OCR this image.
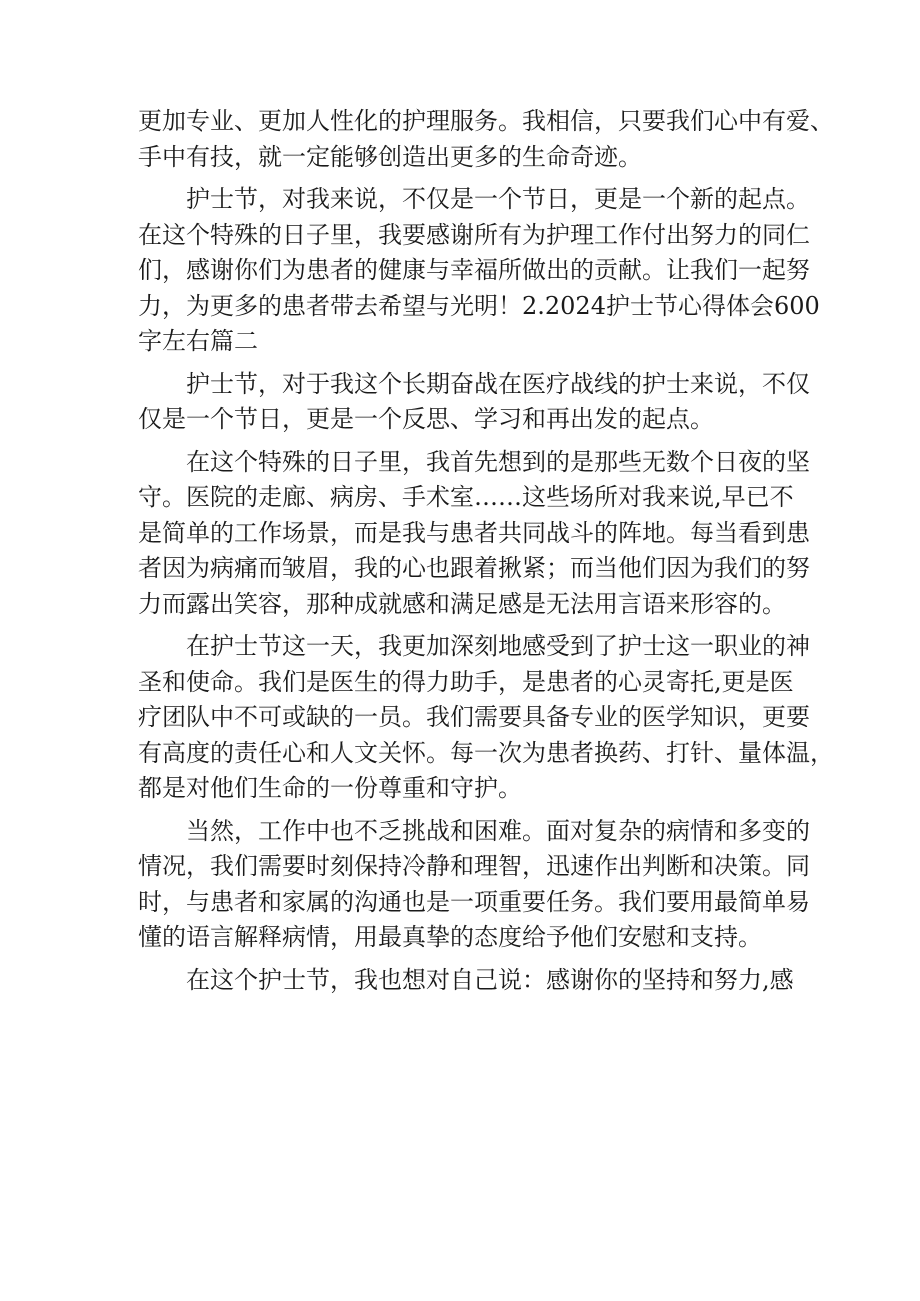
更加专业、更加人性化的护理服务。我相信，只要我们心中有爱、
手中有技，就一定能够创造出更多的生命奇迹。
护士节，对我来说，不仅是一个节日，更是一个新的起点。
在这个特殊的日子里，我要感谢所有为护理工作付出努力的同仁
们，感谢你们为患者的健康与幸福所做出的贡献。让我们一起努
力，为更多的患者带去希望与光明！2.2024护士节心得体会600
字左右篇二
护士节，对于我这个长期奋战在医疗战线的护士来说，不仅
仅是一个节日，更是一个反思、学习和再出发的起点。
在这个特殊的日子里，我首先想到的是那些无数个日夜的坚
守。医院的走廊、病房、手术室……这些场所对我来说,早已不
是简单的工作场景，而是我与患者共同战斗的阵地。每当看到患
者因为病痛而皱眉，我的心也跟着揪紧；而当他们因为我们的努
力而露出笑容，那种成就感和满足感是无法用言语来形容的。
在护士节这一天，我更加深刻地感受到了护士这一职业的神
圣和使命。我们是医生的得力助手，是患者的心灵寄托,更是医
疗团队中不可或缺的一员。我们需要具备专业的医学知识，更要
有高度的责任心和人文关怀。每一次为患者换药、打针、量体温，
都是对他们生命的一份尊重和守护。
当然，工作中也不乏挑战和困难。面对复杂的病情和多变的
情况，我们需要时刻保持冷静和理智，迅速作出判断和决策。同
时，与患者和家属的沟通也是一项重要任务。我们要用最简单易
懂的语言解释病情，用最真挚的态度给予他们安慰和支持。
在这个护士节，我也想对自己说：感谢你的坚持和努力,感
